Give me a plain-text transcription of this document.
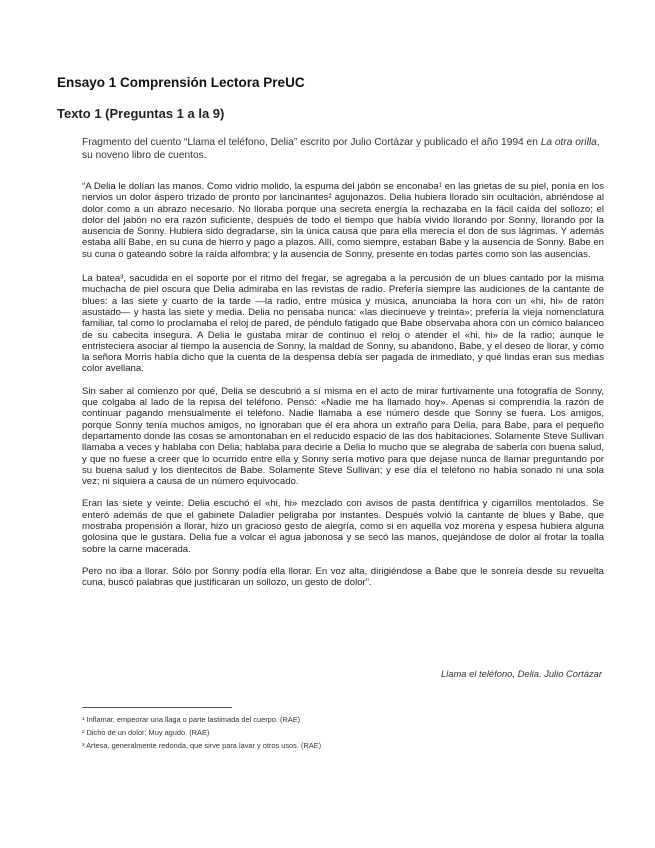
Ensayo 1 Comprensión Lectora PreUC
Texto 1 (Preguntas 1 a la 9)

Fragmento del cuento “Llama el teléfono, Delia” escrito por Julio Cortázar y publicado el año 1994 en La otra orilla, su noveno libro de cuentos.

“A Delia le dolían las manos. Como vidrio molido, la espuma del jabón se enconaba¹ en las grietas de su piel, ponía en los nervios un dolor áspero trizado de pronto por lancinantes² agujonazos. Delia hubiera llorado sin ocultación, abriéndose al dolor como a un abrazo necesario. No lloraba porque una secreta energía la rechazaba en la fácil caída del sollozo; el dolor del jabón no era razón suficiente, después de todo el tiempo que había vivido llorando por Sonny, llorando por la ausencia de Sonny. Hubiera sido degradarse, sin la única causa que para ella merecía el don de sus lágrimas. Y además estaba allí Babe, en su cuna de hierro y pago a plazos. Allí, como siempre, estaban Babe y la ausencia de Sonny. Babe en su cuna o gateando sobre la raída alfombra; y la ausencia de Sonny, presente en todas partes como son las ausencias.

La batea³, sacudida en el soporte por el ritmo del fregar, se agregaba a la percusión de un blues cantado por la misma muchacha de piel oscura que Delia admiraba en las revistas de radio. Prefería siempre las audiciones de la cantante de blues: a las siete y cuarto de la tarde —la radio, entre música y música, anunciaba la hora con un «hi, hi» de ratón asustado— y hasta las siete y media. Delia no pensaba nunca: «las diecinueve y treinta»; prefería la vieja nomenclatura familiar, tal como lo proclamaba el reloj de pared, de péndulo fatigado que Babe observaba ahora con un cómico balanceo de su cabecita insegura. A Delia le gustaba mirar de continuo el reloj o atender el «hi, hi» de la radio; aunque le entristeciera asociar al tiempo la ausencia de Sonny, la maldad de Sonny, su abandono, Babe, y el deseo de llorar, y cómo la señora Morris había dicho que la cuenta de la despensa debía ser pagada de inmediato, y qué lindas eran sus medias color avellana.

Sin saber al comienzo por qué, Delia se descubrió a sí misma en el acto de mirar furtivamente una fotografía de Sonny, que colgaba al lado de la repisa del teléfono. Pensó: «Nadie me ha llamado hoy». Apenas si comprendía la razón de continuar pagando mensualmente el teléfono. Nadie llamaba a ese número desde que Sonny se fuera. Los amigos, porque Sonny tenía muchos amigos, no ignoraban que él era ahora un extraño para Delia, para Babe, para el pequeño departamento donde las cosas se amontonaban en el reducido espacio de las dos habitaciones. Solamente Steve Sullivan llamaba a veces y hablaba con Delia; hablaba para decirle a Delia lo mucho que se alegraba de saberla con buena salud, y que no fuese a creer que lo ocurrido entre ella y Sonny sería motivo para que dejase nunca de llamar preguntando por su buena salud y los dientecitos de Babe. Solamente Steve Sullivan; y ese día el teléfono no había sonado ni una sola vez; ni siquiera a causa de un número equivocado.

Eran las siete y veinte. Delia escuchó el «hi, hi» mezclado con avisos de pasta dentífrica y cigarrillos mentolados. Se enteró además de que el gabinete Daladier peligraba por instantes. Después volvió la cantante de blues y Babe, que mostraba propensión a llorar, hizo un gracioso gesto de alegría, como si en aquella voz morena y espesa hubiera alguna golosina que le gustara. Delia fue a volcar el agua jabonosa y se secó las manos, quejándose de dolor al frotar la toalla sobre la carne macerada.

Pero no iba a llorar. Sólo por Sonny podía ella llorar. En voz alta, dirigiéndose a Babe que le sonreía desde su revuelta cuna, buscó palabras que justificaran un sollozo, un gesto de dolor”.

Llama el teléfono, Delia. Julio Cortázar

¹ Inflamar, empeorar una llaga o parte lastimada del cuerpo. (RAE)
² Dicho de un dolor: Muy agudo. (RAE)
³ Artesa, generalmente redonda, que sirve para lavar y otros usos. (RAE)
